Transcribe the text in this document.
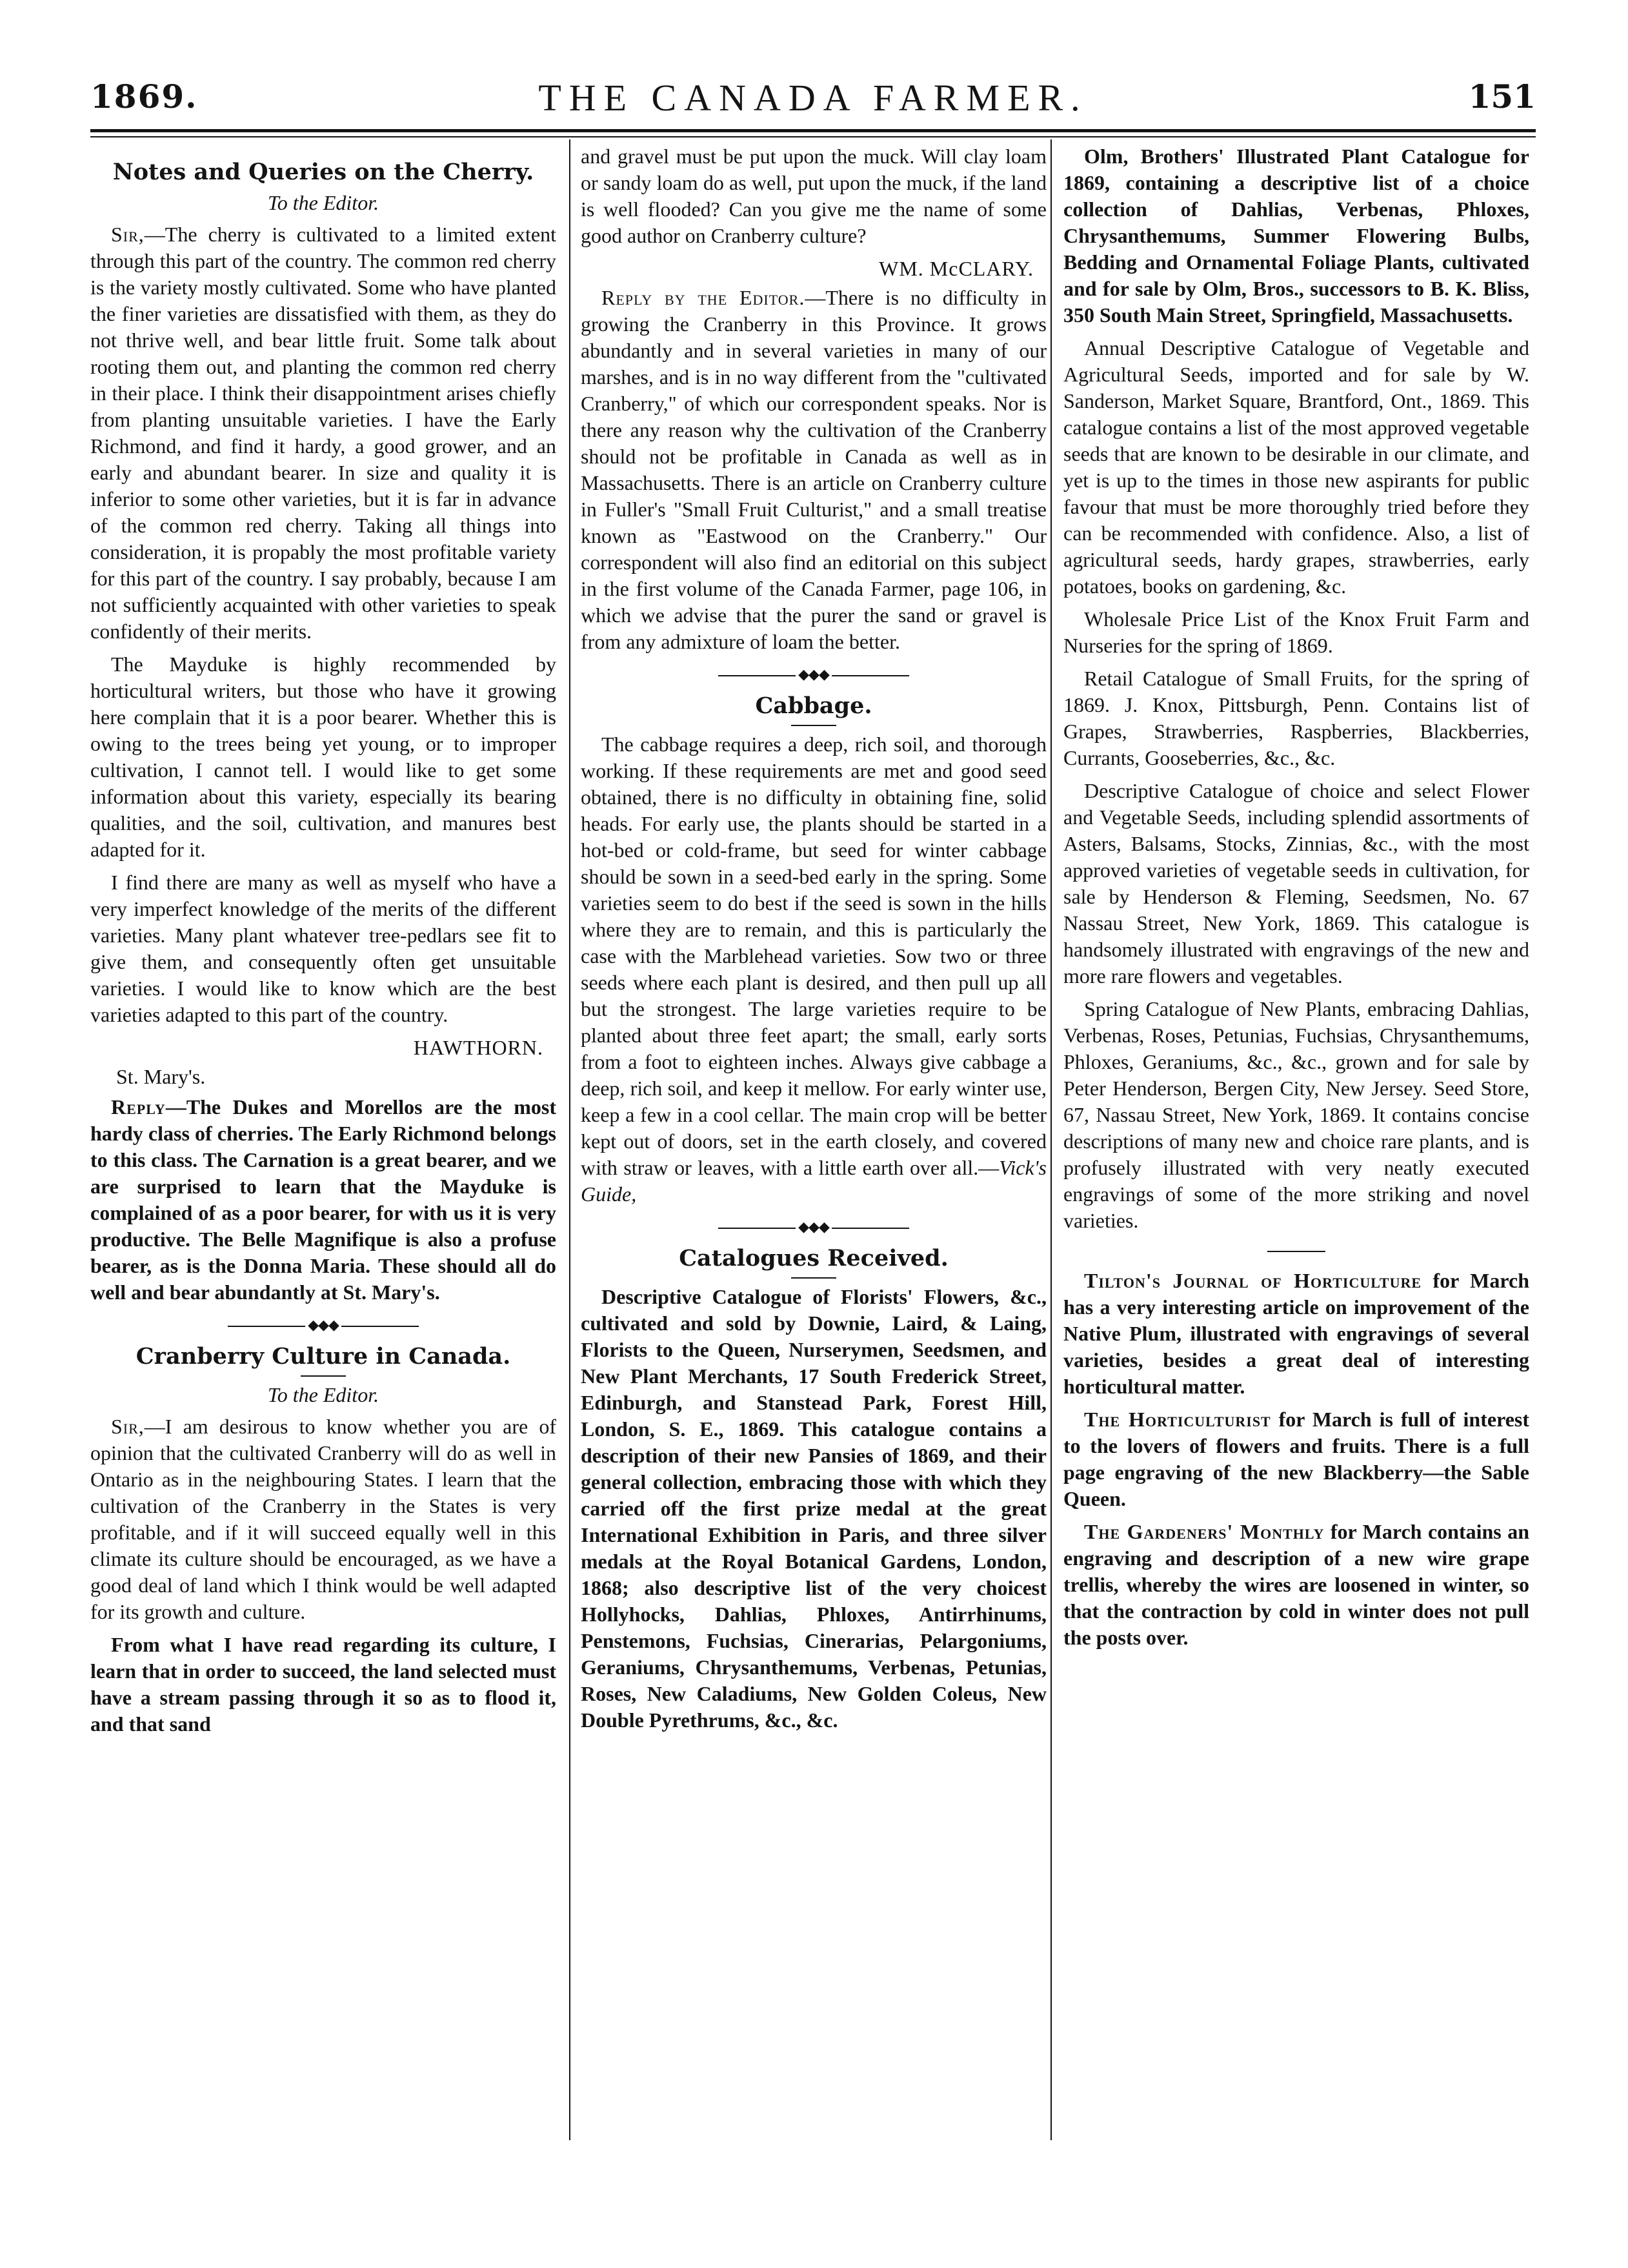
1869.	THE CANADA FARMER.	151
Notes and Queries on the Cherry.
To the Editor.

Sir,—The cherry is cultivated to a limited extent through this part of the country. The common red cherry is the variety mostly cultivated. Some who have planted the finer varieties are dissatisfied with them, as they do not thrive well, and bear little fruit. Some talk about rooting them out, and planting the common red cherry in their place. I think their disappointment arises chiefly from planting unsuitable varieties. I have the Early Richmond, and find it hardy, a good grower, and an early and abundant bearer. In size and quality it is inferior to some other varieties, but it is far in advance of the common red cherry. Taking all things into consideration, it is propably the most profitable variety for this part of the country. I say probably, because I am not sufficiently acquainted with other varieties to speak confidently of their merits.

The Mayduke is highly recommended by horticultural writers, but those who have it growing here complain that it is a poor bearer. Whether this is owing to the trees being yet young, or to improper cultivation, I cannot tell. I would like to get some information about this variety, especially its bearing qualities, and the soil, cultivation, and manures best adapted for it.

I find there are many as well as myself who have a very imperfect knowledge of the merits of the different varieties. Many plant whatever tree-pedlars see fit to give them, and consequently often get unsuitable varieties. I would like to know which are the best varieties adapted to this part of the country.

HAWTHORN.
St. Mary's.

Reply—The Dukes and Morellos are the most hardy class of cherries. The Early Richmond belongs to this class. The Carnation is a great bearer, and we are surprised to learn that the Mayduke is complained of as a poor bearer, for with us it is very productive. The Belle Magnifique is also a profuse bearer, as is the Donna Maria. These should all do well and bear abundantly at St. Mary's.

◆◆◆
Cranberry Culture in Canada.
To the Editor.

Sir,—I am desirous to know whether you are of opinion that the cultivated Cranberry will do as well in Ontario as in the neighbouring States. I learn that the cultivation of the Cranberry in the States is very profitable, and if it will succeed equally well in this climate its culture should be encouraged, as we have a good deal of land which I think would be well adapted for its growth and culture.

From what I have read regarding its culture, I learn that in order to succeed, the land selected must have a stream passing through it so as to flood it, and that sand

and gravel must be put upon the muck. Will clay loam or sandy loam do as well, put upon the muck, if the land is well flooded? Can you give me the name of some good author on Cranberry culture?

WM. McCLARY.

Reply by the Editor.—There is no difficulty in growing the Cranberry in this Province. It grows abundantly and in several varieties in many of our marshes, and is in no way different from the "cultivated Cranberry," of which our correspondent speaks. Nor is there any reason why the cultivation of the Cranberry should not be profitable in Canada as well as in Massachusetts. There is an article on Cranberry culture in Fuller's "Small Fruit Culturist," and a small treatise known as "Eastwood on the Cranberry." Our correspondent will also find an editorial on this subject in the first volume of the Canada Farmer, page 106, in which we advise that the purer the sand or gravel is from any admixture of loam the better.

◆◆◆
Cabbage.

The cabbage requires a deep, rich soil, and thorough working. If these requirements are met and good seed obtained, there is no difficulty in obtaining fine, solid heads. For early use, the plants should be started in a hot-bed or cold-frame, but seed for winter cabbage should be sown in a seed-bed early in the spring. Some varieties seem to do best if the seed is sown in the hills where they are to remain, and this is particularly the case with the Marblehead varieties. Sow two or three seeds where each plant is desired, and then pull up all but the strongest. The large varieties require to be planted about three feet apart; the small, early sorts from a foot to eighteen inches. Always give cabbage a deep, rich soil, and keep it mellow. For early winter use, keep a few in a cool cellar. The main crop will be better kept out of doors, set in the earth closely, and covered with straw or leaves, with a little earth over all.—Vick's Guide,

◆◆◆
Catalogues Received.

Descriptive Catalogue of Florists' Flowers, &c., cultivated and sold by Downie, Laird, & Laing, Florists to the Queen, Nurserymen, Seedsmen, and New Plant Merchants, 17 South Frederick Street, Edinburgh, and Stanstead Park, Forest Hill, London, S. E., 1869. This catalogue contains a description of their new Pansies of 1869, and their general collection, embracing those with which they carried off the first prize medal at the great International Exhibition in Paris, and three silver medals at the Royal Botanical Gardens, London, 1868; also descriptive list of the very choicest Hollyhocks, Dahlias, Phloxes, Antirrhinums, Penstemons, Fuchsias, Cinerarias, Pelargoniums, Geraniums, Chrysanthemums, Verbenas, Petunias, Roses, New Caladiums, New Golden Coleus, New Double Pyrethrums, &c., &c.

Olm, Brothers' Illustrated Plant Catalogue for 1869, containing a descriptive list of a choice collection of Dahlias, Verbenas, Phloxes, Chrysanthemums, Summer Flowering Bulbs, Bedding and Ornamental Foliage Plants, cultivated and for sale by Olm, Bros., successors to B. K. Bliss, 350 South Main Street, Springfield, Massachusetts.

Annual Descriptive Catalogue of Vegetable and Agricultural Seeds, imported and for sale by W. Sanderson, Market Square, Brantford, Ont., 1869. This catalogue contains a list of the most approved vegetable seeds that are known to be desirable in our climate, and yet is up to the times in those new aspirants for public favour that must be more thoroughly tried before they can be recommended with confidence. Also, a list of agricultural seeds, hardy grapes, strawberries, early potatoes, books on gardening, &c.

Wholesale Price List of the Knox Fruit Farm and Nurseries for the spring of 1869.

Retail Catalogue of Small Fruits, for the spring of 1869. J. Knox, Pittsburgh, Penn. Contains list of Grapes, Strawberries, Raspberries, Blackberries, Currants, Gooseberries, &c., &c.

Descriptive Catalogue of choice and select Flower and Vegetable Seeds, including splendid assortments of Asters, Balsams, Stocks, Zinnias, &c., with the most approved varieties of vegetable seeds in cultivation, for sale by Henderson & Fleming, Seedsmen, No. 67 Nassau Street, New York, 1869. This catalogue is handsomely illustrated with engravings of the new and more rare flowers and vegetables.

Spring Catalogue of New Plants, embracing Dahlias, Verbenas, Roses, Petunias, Fuchsias, Chrysanthemums, Phloxes, Geraniums, &c., &c., grown and for sale by Peter Henderson, Bergen City, New Jersey. Seed Store, 67, Nassau Street, New York, 1869. It contains concise descriptions of many new and choice rare plants, and is profusely illustrated with very neatly executed engravings of some of the more striking and novel varieties.

Tilton's Journal of Horticulture for March has a very interesting article on improvement of the Native Plum, illustrated with engravings of several varieties, besides a great deal of interesting horticultural matter.

The Horticulturist for March is full of interest to the lovers of flowers and fruits. There is a full page engraving of the new Blackberry—the Sable Queen.

The Gardeners' Monthly for March contains an engraving and description of a new wire grape trellis, whereby the wires are loosened in winter, so that the contraction by cold in winter does not pull the posts over.
